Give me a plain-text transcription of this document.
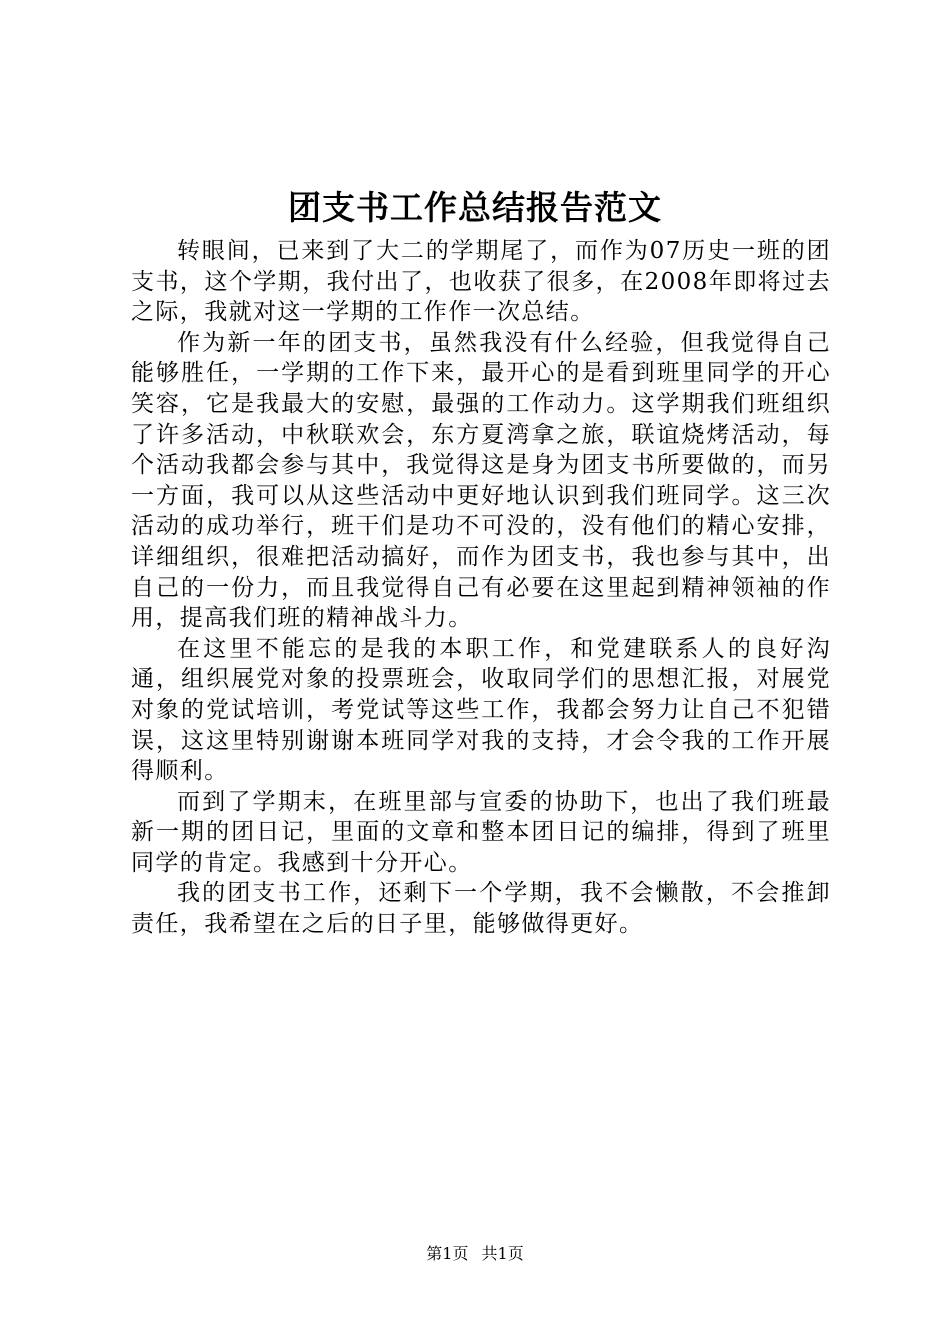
团支书工作总结报告范文

转眼间，已来到了大二的学期尾了，而作为07历史一班的团支书，这个学期，我付出了，也收获了很多，在2008年即将过去之际，我就对这一学期的工作作一次总结。

作为新一年的团支书，虽然我没有什么经验，但我觉得自己能够胜任，一学期的工作下来，最开心的是看到班里同学的开心笑容，它是我最大的安慰，最强的工作动力。这学期我们班组织了许多活动，中秋联欢会，东方夏湾拿之旅，联谊烧烤活动，每个活动我都会参与其中，我觉得这是身为团支书所要做的，而另一方面，我可以从这些活动中更好地认识到我们班同学。这三次活动的成功举行，班干们是功不可没的，没有他们的精心安排，详细组织，很难把活动搞好，而作为团支书，我也参与其中，出自己的一份力，而且我觉得自己有必要在这里起到精神领袖的作用，提高我们班的精神战斗力。

在这里不能忘的是我的本职工作，和党建联系人的良好沟通，组织展党对象的投票班会，收取同学们的思想汇报，对展党对象的党试培训，考党试等这些工作，我都会努力让自己不犯错误，这这里特别谢谢本班同学对我的支持，才会令我的工作开展得顺利。

而到了学期末，在班里部与宣委的协助下，也出了我们班最新一期的团日记，里面的文章和整本团日记的编排，得到了班里同学的肯定。我感到十分开心。

我的团支书工作，还剩下一个学期，我不会懒散，不会推卸责任，我希望在之后的日子里，能够做得更好。

第1页 共1页
